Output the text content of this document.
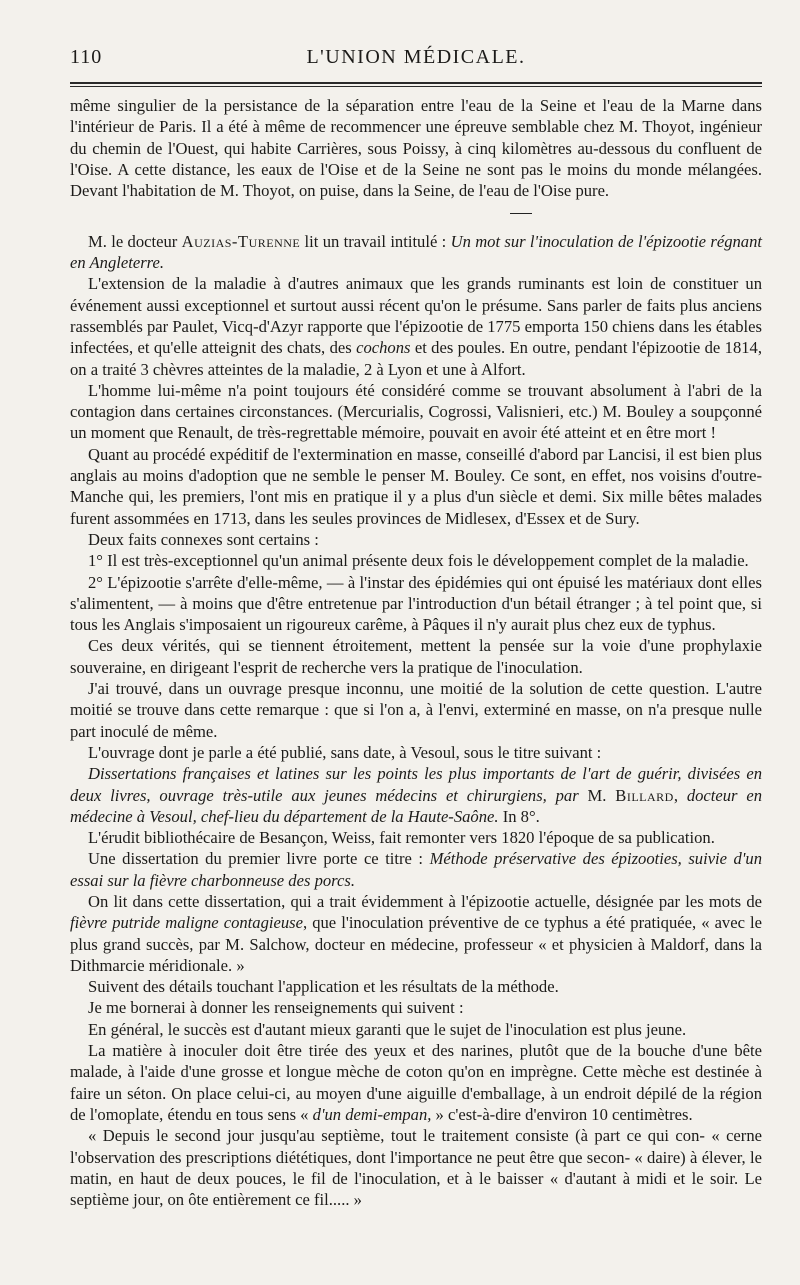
110	L'UNION MÉDICALE.

même singulier de la persistance de la séparation entre l'eau de la Seine et l'eau de la Marne dans l'intérieur de Paris. Il a été à même de recommencer une épreuve semblable chez M. Thoyot, ingénieur du chemin de l'Ouest, qui habite Carrières, sous Poissy, à cinq kilomètres au-dessous du confluent de l'Oise. A cette distance, les eaux de l'Oise et de la Seine ne sont pas le moins du monde mélangées. Devant l'habitation de M. Thoyot, on puise, dans la Seine, de l'eau de l'Oise pure.

M. le docteur Auzias-Turenne lit un travail intitulé : Un mot sur l'inoculation de l'épizootie régnant en Angleterre.

L'extension de la maladie à d'autres animaux que les grands ruminants est loin de constituer un événement aussi exceptionnel et surtout aussi récent qu'on le présume. Sans parler de faits plus anciens rassemblés par Paulet, Vicq-d'Azyr rapporte que l'épizootie de 1775 emporta 150 chiens dans les étables infectées, et qu'elle atteignit des chats, des cochons et des poules. En outre, pendant l'épizootie de 1814, on a traité 3 chèvres atteintes de la maladie, 2 à Lyon et une à Alfort.

L'homme lui-même n'a point toujours été considéré comme se trouvant absolument à l'abri de la contagion dans certaines circonstances. (Mercurialis, Cogrossi, Valisnieri, etc.) M. Bouley a soupçonné un moment que Renault, de très-regrettable mémoire, pouvait en avoir été atteint et en être mort !

Quant au procédé expéditif de l'extermination en masse, conseillé d'abord par Lancisi, il est bien plus anglais au moins d'adoption que ne semble le penser M. Bouley. Ce sont, en effet, nos voisins d'outre-Manche qui, les premiers, l'ont mis en pratique il y a plus d'un siècle et demi. Six mille bêtes malades furent assommées en 1713, dans les seules provinces de Midlesex, d'Essex et de Sury.

Deux faits connexes sont certains :

1° Il est très-exceptionnel qu'un animal présente deux fois le développement complet de la maladie.

2° L'épizootie s'arrête d'elle-même, — à l'instar des épidémies qui ont épuisé les matériaux dont elles s'alimentent, — à moins que d'être entretenue par l'introduction d'un bétail étranger ; à tel point que, si tous les Anglais s'imposaient un rigoureux carême, à Pâques il n'y aurait plus chez eux de typhus.

Ces deux vérités, qui se tiennent étroitement, mettent la pensée sur la voie d'une prophylaxie souveraine, en dirigeant l'esprit de recherche vers la pratique de l'inoculation.

J'ai trouvé, dans un ouvrage presque inconnu, une moitié de la solution de cette question. L'autre moitié se trouve dans cette remarque : que si l'on a, à l'envi, exterminé en masse, on n'a presque nulle part inoculé de même.

L'ouvrage dont je parle a été publié, sans date, à Vesoul, sous le titre suivant :

Dissertations françaises et latines sur les points les plus importants de l'art de guérir, divisées en deux livres, ouvrage très-utile aux jeunes médecins et chirurgiens, par M. Billard, docteur en médecine à Vesoul, chef-lieu du département de la Haute-Saône. In 8°.

L'érudit bibliothécaire de Besançon, Weiss, fait remonter vers 1820 l'époque de sa publication.

Une dissertation du premier livre porte ce titre : Méthode préservative des épizooties, suivie d'un essai sur la fièvre charbonneuse des porcs.

On lit dans cette dissertation, qui a trait évidemment à l'épizootie actuelle, désignée par les mots de fièvre putride maligne contagieuse, que l'inoculation préventive de ce typhus a été pratiquée, « avec le plus grand succès, par M. Salchow, docteur en médecine, professeur « et physicien à Maldorf, dans la Dithmarcie méridionale. »

Suivent des détails touchant l'application et les résultats de la méthode.

Je me bornerai à donner les renseignements qui suivent :

En général, le succès est d'autant mieux garanti que le sujet de l'inoculation est plus jeune.

La matière à inoculer doit être tirée des yeux et des narines, plutôt que de la bouche d'une bête malade, à l'aide d'une grosse et longue mèche de coton qu'on en imprègne. Cette mèche est destinée à faire un séton. On place celui-ci, au moyen d'une aiguille d'emballage, à un endroit dépilé de la région de l'omoplate, étendu en tous sens « d'un demi-empan, » c'est-à-dire d'environ 10 centimètres.

« Depuis le second jour jusqu'au septième, tout le traitement consiste (à part ce qui con- « cerne l'observation des prescriptions diététiques, dont l'importance ne peut être que secon- « daire) à élever, le matin, en haut de deux pouces, le fil de l'inoculation, et à le baisser « d'autant à midi et le soir. Le septième jour, on ôte entièrement ce fil..... »
